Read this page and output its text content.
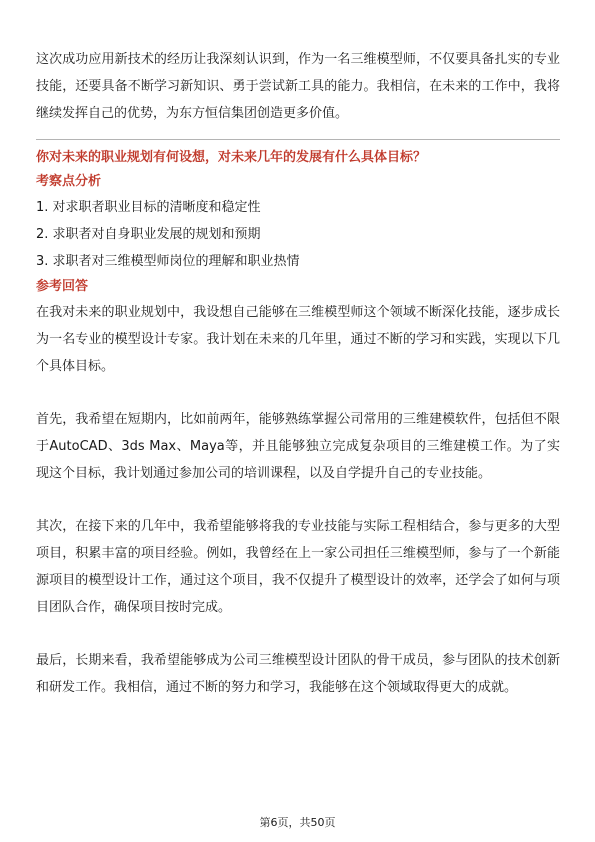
这次成功应用新技术的经历让我深刻认识到，作为一名三维模型师，不仅要具备扎实的专业技能，还要具备不断学习新知识、勇于尝试新工具的能力。我相信，在未来的工作中，我将继续发挥自己的优势，为东方恒信集团创造更多价值。

你对未来的职业规划有何设想，对未来几年的发展有什么具体目标？

考察点分析

1. 对求职者职业目标的清晰度和稳定性

2. 求职者对自身职业发展的规划和预期

3. 求职者对三维模型师岗位的理解和职业热情

参考回答

在我对未来的职业规划中，我设想自己能够在三维模型师这个领域不断深化技能，逐步成长为一名专业的模型设计专家。我计划在未来的几年里，通过不断的学习和实践，实现以下几个具体目标。

首先，我希望在短期内，比如前两年，能够熟练掌握公司常用的三维建模软件，包括但不限于AutoCAD、3ds Max、Maya等，并且能够独立完成复杂项目的三维建模工作。为了实现这个目标，我计划通过参加公司的培训课程，以及自学提升自己的专业技能。

其次，在接下来的几年中，我希望能够将我的专业技能与实际工程相结合，参与更多的大型项目，积累丰富的项目经验。例如，我曾经在上一家公司担任三维模型师，参与了一个新能源项目的模型设计工作，通过这个项目，我不仅提升了模型设计的效率，还学会了如何与项目团队合作，确保项目按时完成。

最后，长期来看，我希望能够成为公司三维模型设计团队的骨干成员，参与团队的技术创新和研发工作。我相信，通过不断的努力和学习，我能够在这个领域取得更大的成就。

第6页，共50页
